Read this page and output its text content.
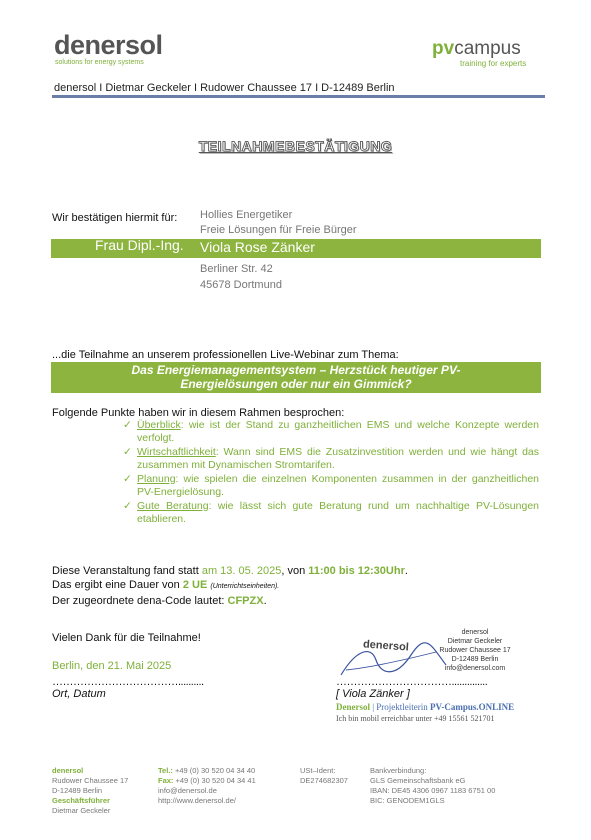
denersol
solutions for energy systems
pvcampus
training for experts
denersol I Dietmar Geckeler I Rudower Chaussee 17 I D-12489 Berlin
TEILNAHMEBESTÄTIGUNG
Wir bestätigen hiermit für: Hollies Energetiker
Freie Lösungen für Freie Bürger
Frau Dipl.-Ing. Viola Rose Zänker
Berliner Str. 42
45678 Dortmund
...die Teilnahme an unserem professionellen Live-Webinar zum Thema:
Das Energiemanagementsystem – Herzstück heutiger PV-
Energielösungen oder nur ein Gimmick?
Folgende Punkte haben wir in diesem Rahmen besprochen:
✓ Überblick: wie ist der Stand zu ganzheitlichen EMS und welche Konzepte werden verfolgt.
✓ Wirtschaftlichkeit: Wann sind EMS die Zusatzinvestition werden und wie hängt das zusammen mit Dynamischen Stromtarifen.
✓ Planung: wie spielen die einzelnen Komponenten zusammen in der ganzheitlichen PV-Energielösung.
✓ Gute Beratung: wie lässt sich gute Beratung rund um nachhaltige PV-Lösungen etablieren.
Diese Veranstaltung fand statt am 13. 05. 2025, von 11:00 bis 12:30Uhr.
Das ergibt eine Dauer von 2 UE (Unterrichtseinheiten).
Der zugeordnete dena-Code lautet: CFPZX.
Vielen Dank für die Teilnahme!
Berlin, den 21. Mai 2025
………………………………..........
Ort, Datum
denersol
Dietmar Geckeler
Rudower Chaussee 17
D-12489 Berlin
info@denersol.com
denersol
……………………………..............
[ Viola Zänker ]
Denersol | Projektleiterin PV-Campus.ONLINE
Ich bin mobil erreichbar unter +49 15561 521701
denersol
Rudower Chaussee 17
D-12489 Berlin
Geschäftsführer
Dietmar Geckeler
Tel.: +49 (0) 30 520 04 34 40
Fax: +49 (0) 30 520 04 34 41
info@denersol.de
http://www.denersol.de/
USt–Ident:
DE274682307
Bankverbindung:
GLS Gemeinschaftsbank eG
IBAN: DE45 4306 0967 1183 6751 00
BIC: GENODEM1GLS
